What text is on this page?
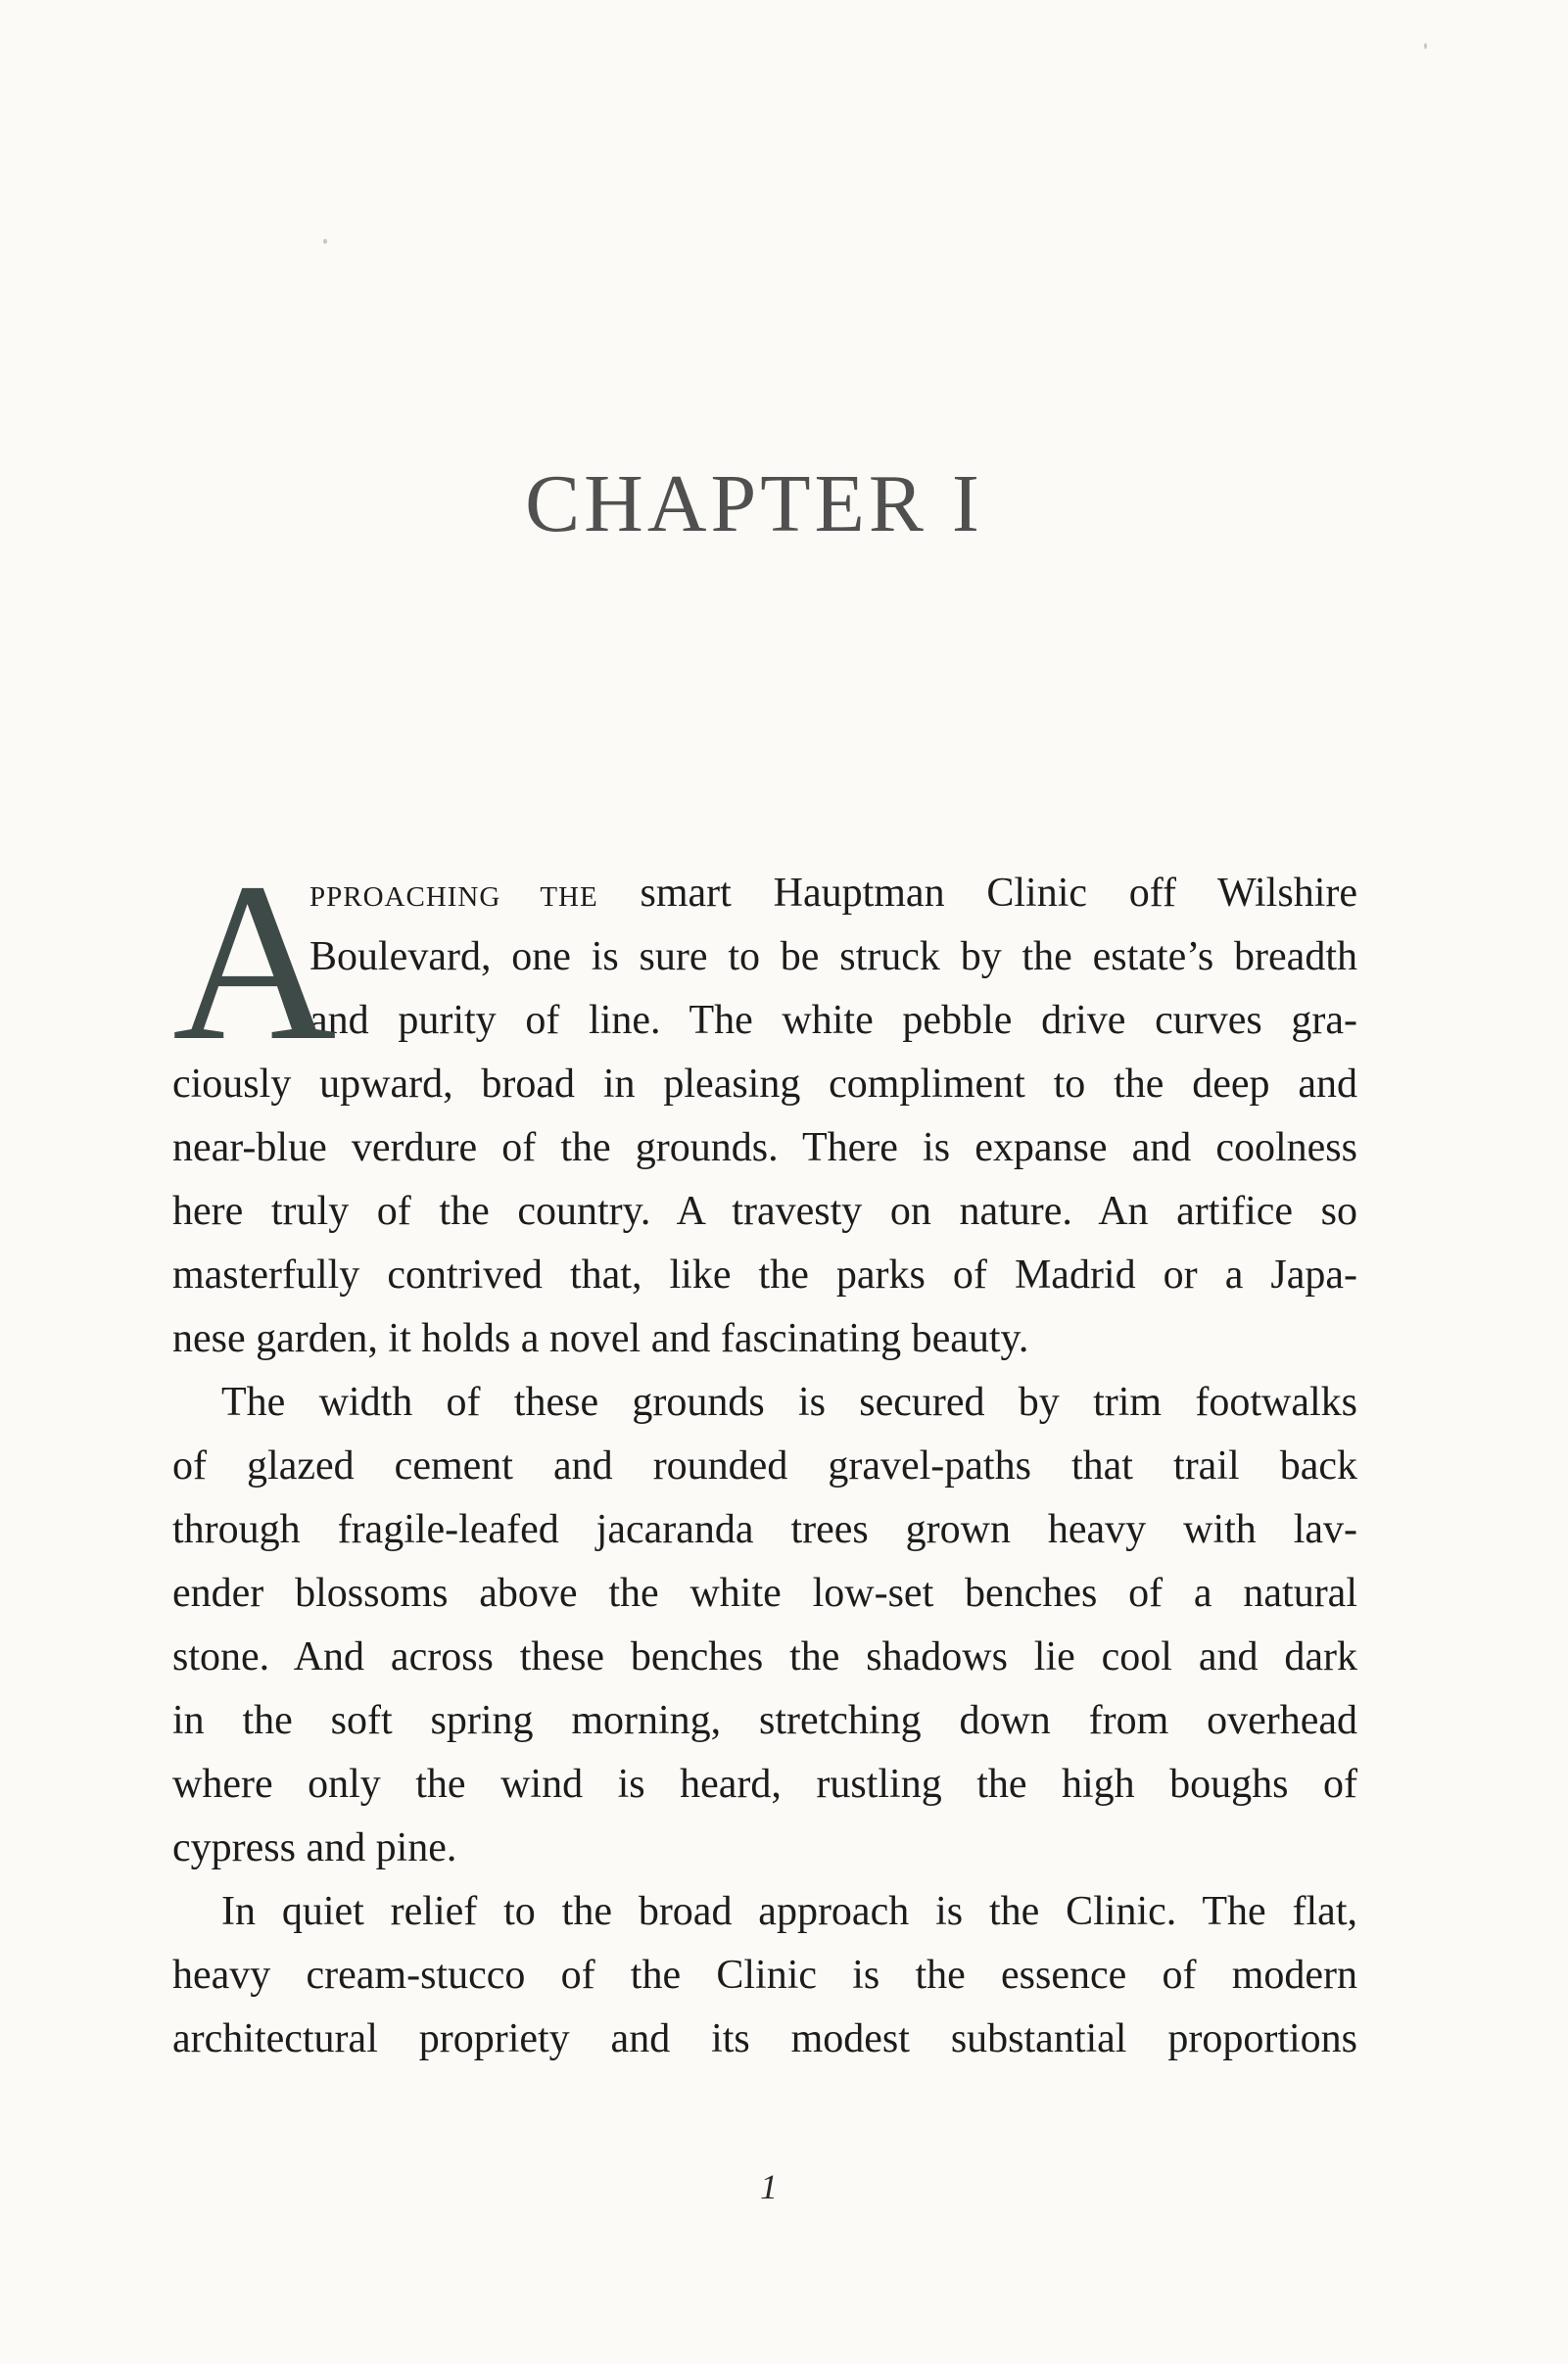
CHAPTER I
A
PPROACHING THE smart Hauptman Clinic off Wilshire
Boulevard, one is sure to be struck by the estate’s breadth
and purity of line. The white pebble drive curves gra-
ciously upward, broad in pleasing compliment to the deep and
near-blue verdure of the grounds. There is expanse and coolness
here truly of the country. A travesty on nature. An artifice so
masterfully contrived that, like the parks of Madrid or a Japa-
nese garden, it holds a novel and fascinating beauty.
The width of these grounds is secured by trim footwalks
of glazed cement and rounded gravel-paths that trail back
through fragile-leafed jacaranda trees grown heavy with lav-
ender blossoms above the white low-set benches of a natural
stone. And across these benches the shadows lie cool and dark
in the soft spring morning, stretching down from overhead
where only the wind is heard, rustling the high boughs of
cypress and pine.
In quiet relief to the broad approach is the Clinic. The flat,
heavy cream-stucco of the Clinic is the essence of modern
architectural propriety and its modest substantial proportions
1
